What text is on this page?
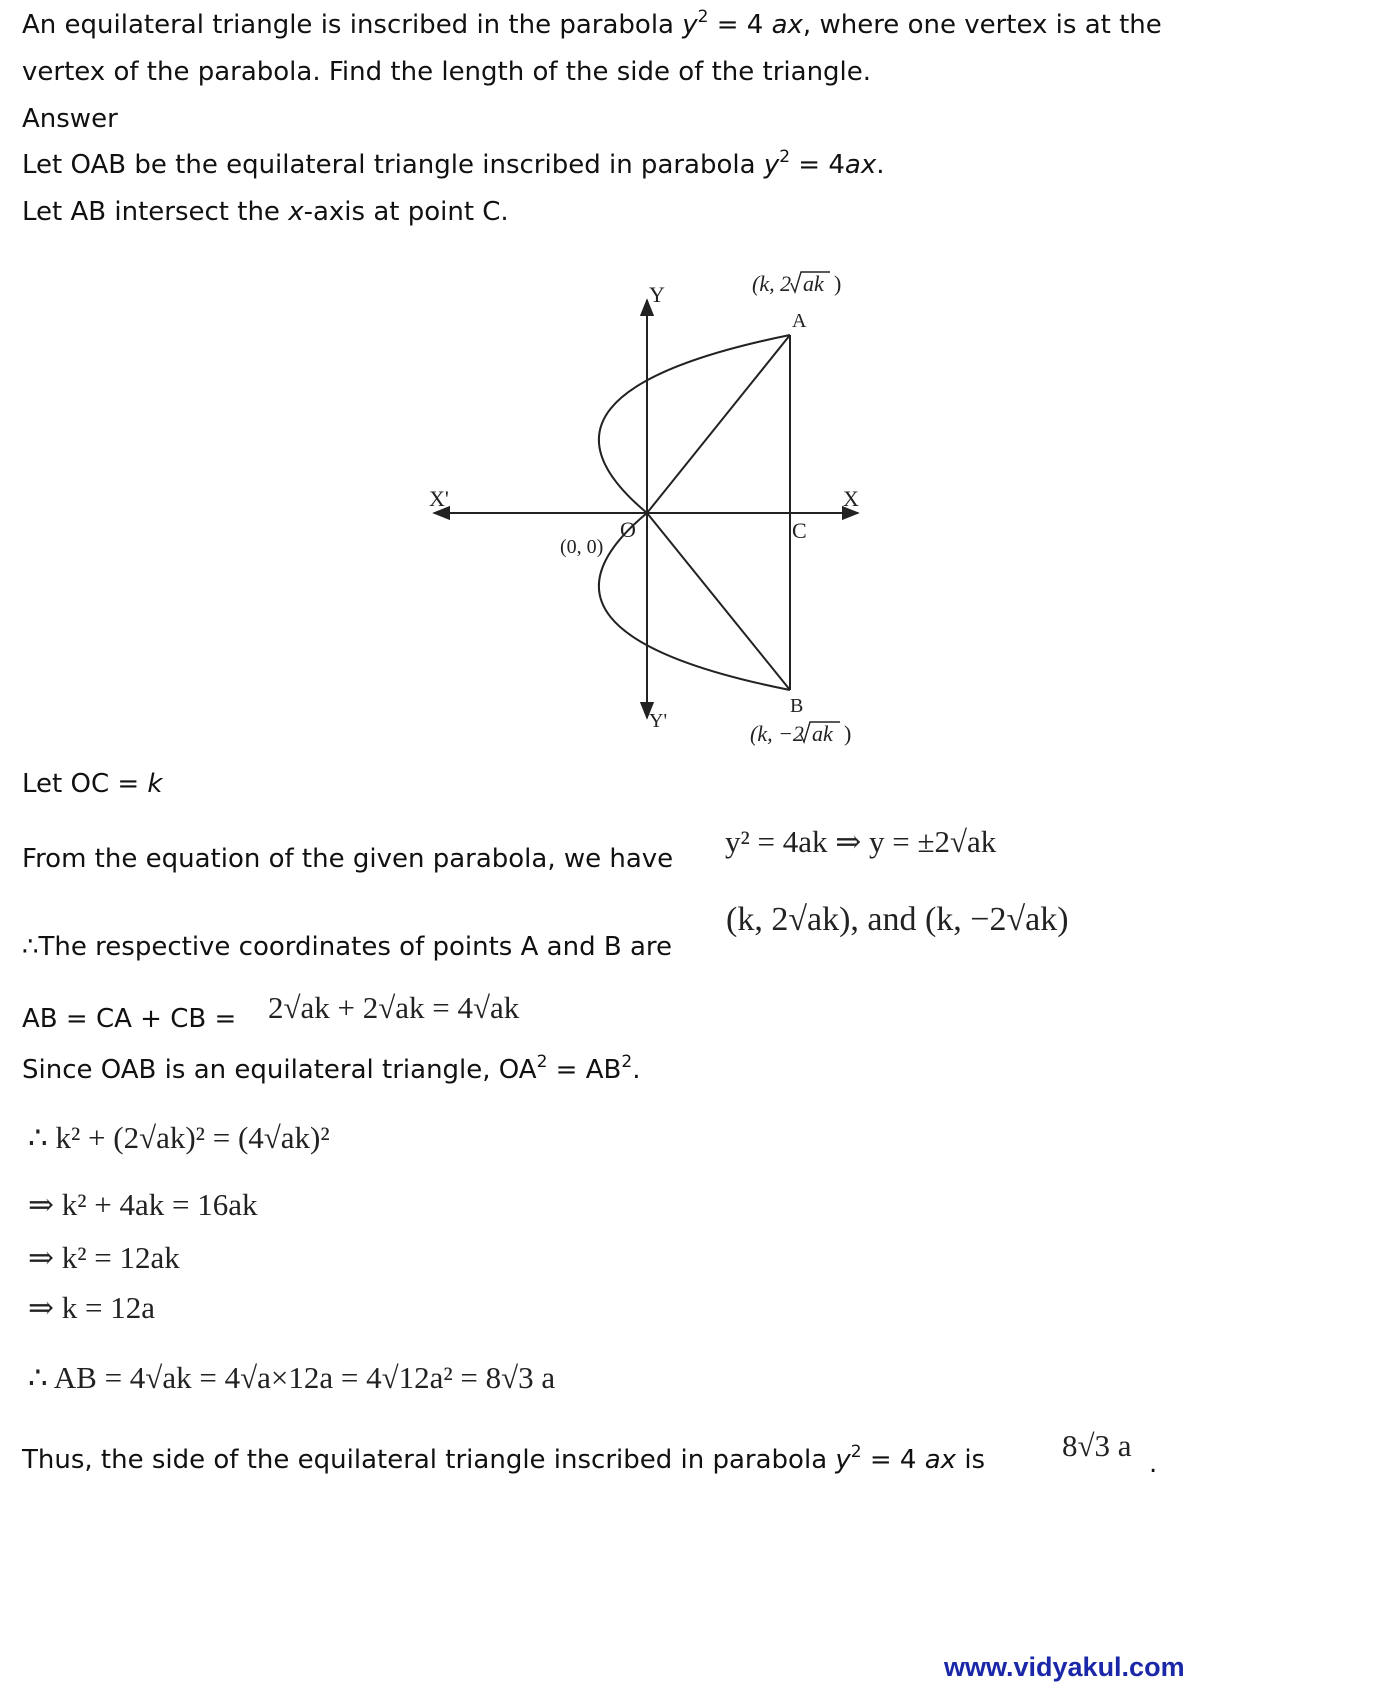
An equilateral triangle is inscribed in the parabola $y^2 = 4$ ax, where one vertex is at the
vertex of the parabola. Find the length of the side of the triangle.
Answer
Let OAB be the equilateral triangle inscribed in parabola $y^2 = 4ax$.
Let AB intersect the x-axis at point C.
Y
Y'
X
X'
O
(0, 0)
A
B
C
(k, 2 ak )
(k, −2 ak )
Let OC = k
From the equation of the given parabola, we have y² = 4ak ⇒ y = ±2√ak
∴The respective coordinates of points A and B are
(k, 2√ak), and (k, −2√ak)
AB = CA + CB = 2√ak + 2√ak = 4√ak
Since OAB is an equilateral triangle, $OA^2 = AB^2$.
∴ k² + (2√ak)² = (4√ak)²
⇒ k² + 4ak = 16ak
⇒ k² = 12ak
⇒ k = 12a
∴ AB = 4√ak = 4√a×12a = 4√12a² = 8√3 a
Thus, the side of the equilateral triangle inscribed in parabola $y^2 = 4$ ax is 8√3 a
.
www.vidyakul.com
